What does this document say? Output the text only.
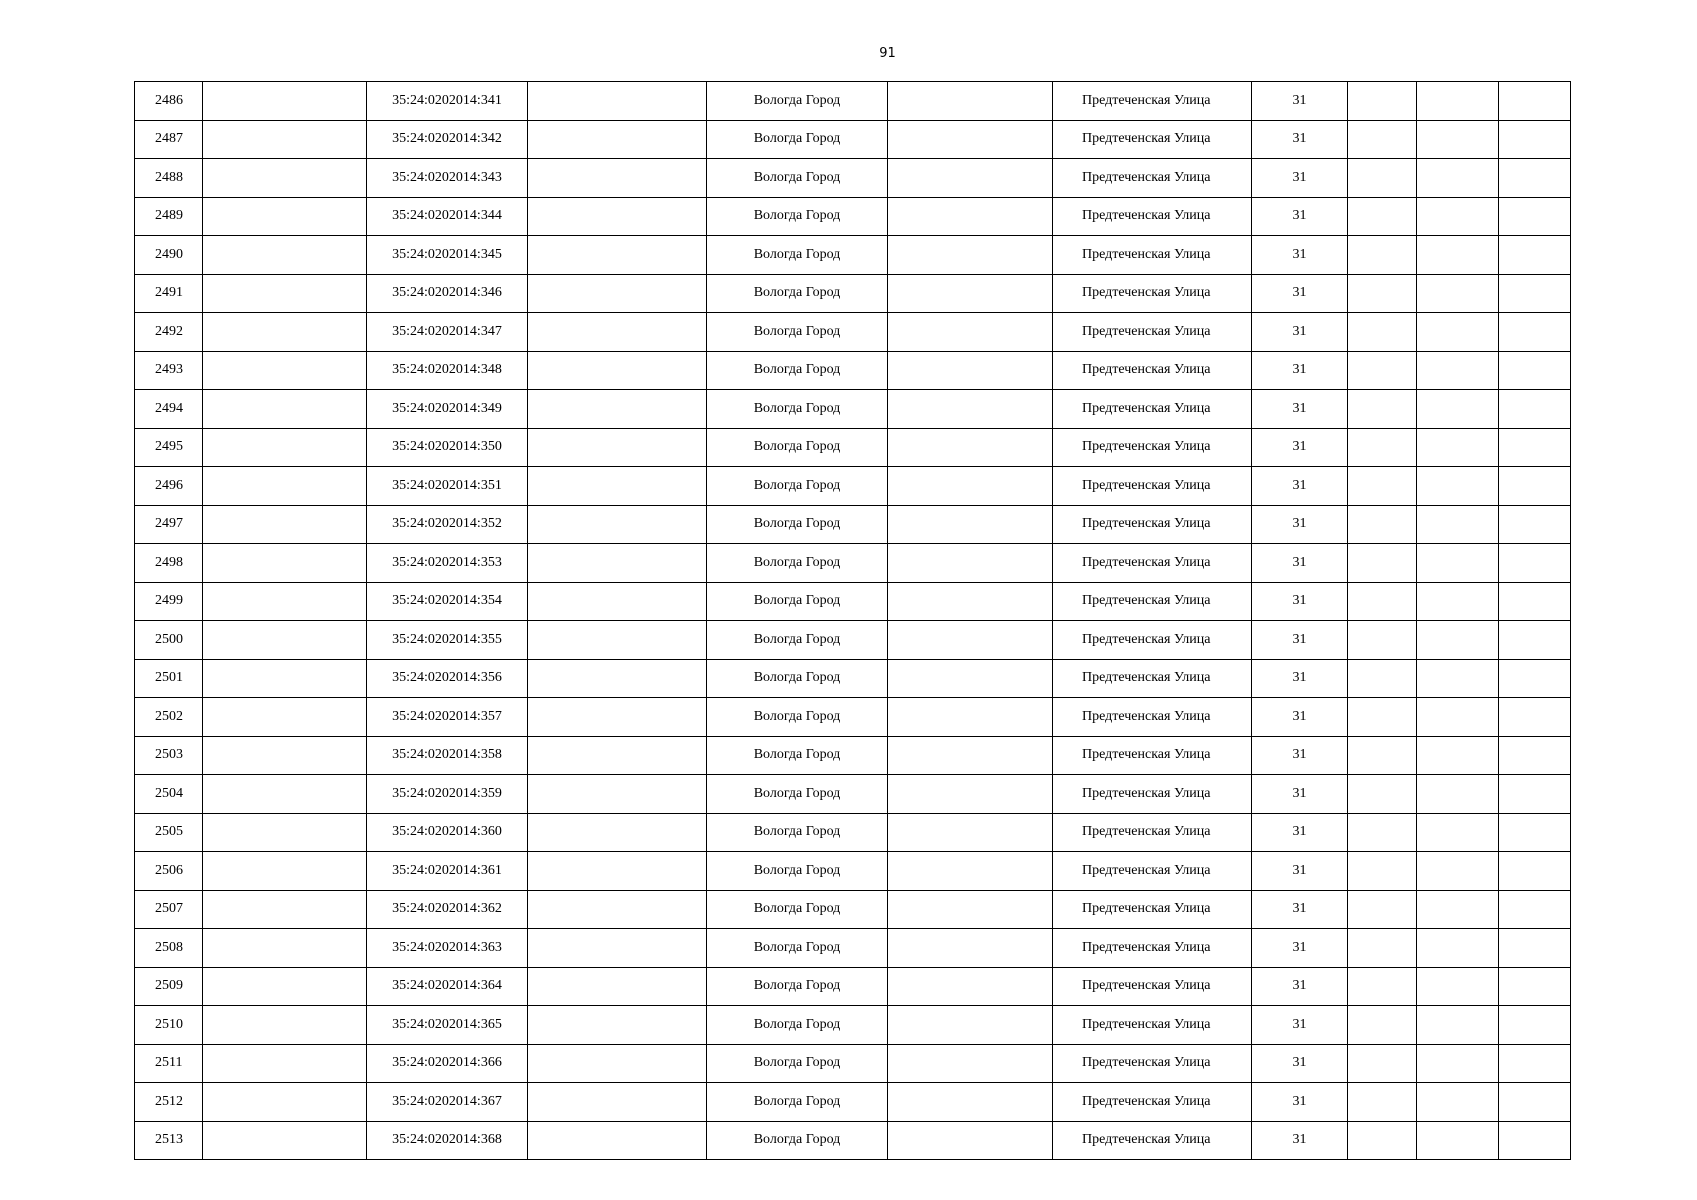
91
2486		35:24:0202014:341		Вологда Город		Предтеченская Улица	31			
2487		35:24:0202014:342		Вологда Город		Предтеченская Улица	31			
2488		35:24:0202014:343		Вологда Город		Предтеченская Улица	31			
2489		35:24:0202014:344		Вологда Город		Предтеченская Улица	31			
2490		35:24:0202014:345		Вологда Город		Предтеченская Улица	31			
2491		35:24:0202014:346		Вологда Город		Предтеченская Улица	31			
2492		35:24:0202014:347		Вологда Город		Предтеченская Улица	31			
2493		35:24:0202014:348		Вологда Город		Предтеченская Улица	31			
2494		35:24:0202014:349		Вологда Город		Предтеченская Улица	31			
2495		35:24:0202014:350		Вологда Город		Предтеченская Улица	31			
2496		35:24:0202014:351		Вологда Город		Предтеченская Улица	31			
2497		35:24:0202014:352		Вологда Город		Предтеченская Улица	31			
2498		35:24:0202014:353		Вологда Город		Предтеченская Улица	31			
2499		35:24:0202014:354		Вологда Город		Предтеченская Улица	31			
2500		35:24:0202014:355		Вологда Город		Предтеченская Улица	31			
2501		35:24:0202014:356		Вологда Город		Предтеченская Улица	31			
2502		35:24:0202014:357		Вологда Город		Предтеченская Улица	31			
2503		35:24:0202014:358		Вологда Город		Предтеченская Улица	31			
2504		35:24:0202014:359		Вологда Город		Предтеченская Улица	31			
2505		35:24:0202014:360		Вологда Город		Предтеченская Улица	31			
2506		35:24:0202014:361		Вологда Город		Предтеченская Улица	31			
2507		35:24:0202014:362		Вологда Город		Предтеченская Улица	31			
2508		35:24:0202014:363		Вологда Город		Предтеченская Улица	31			
2509		35:24:0202014:364		Вологда Город		Предтеченская Улица	31			
2510		35:24:0202014:365		Вологда Город		Предтеченская Улица	31			
2511		35:24:0202014:366		Вологда Город		Предтеченская Улица	31			
2512		35:24:0202014:367		Вологда Город		Предтеченская Улица	31			
2513		35:24:0202014:368		Вологда Город		Предтеченская Улица	31			
